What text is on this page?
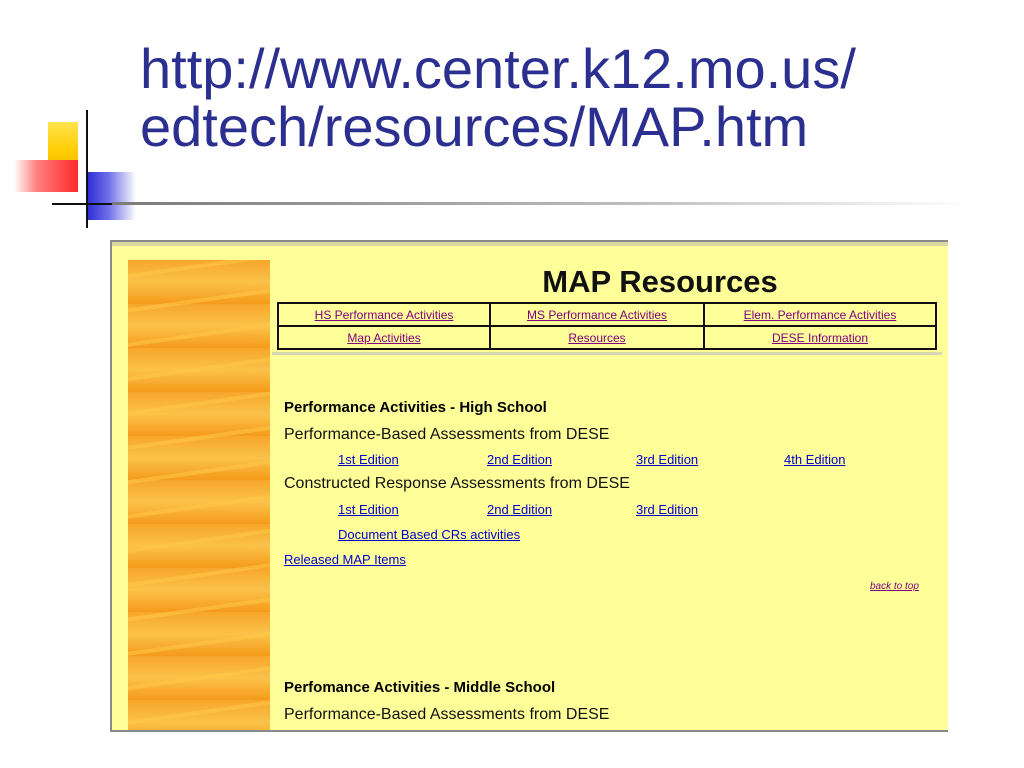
http://www.center.k12.mo.us/
edtech/resources/MAP.htm
MAP Resources
HS Performance Activities	MS Performance Activities	Elem. Performance Activities
Map Activities	Resources	DESE Information
Performance Activities - High School
Performance-Based Assessments from DESE
1st Edition	2nd Edition	3rd Edition	4th Edition
Constructed Response Assessments from DESE
1st Edition	2nd Edition	3rd Edition
Document Based CRs activities
Released MAP Items
back to top
Perfomance Activities - Middle School
Performance-Based Assessments from DESE
